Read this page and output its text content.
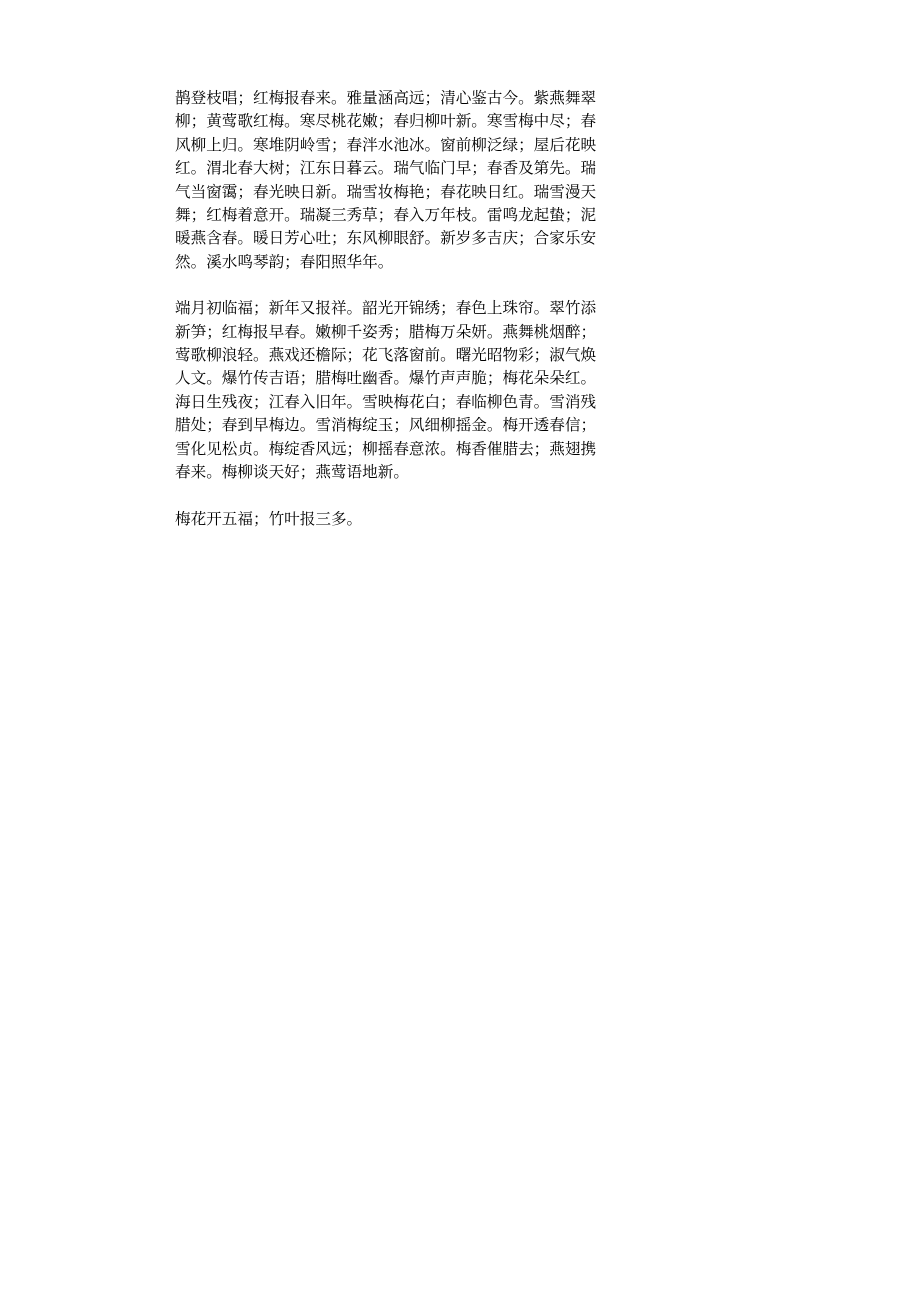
鹊登枝唱；红梅报春来。雅量涵高远；清心鉴古今。紫燕舞翠柳；黄莺歌红梅。寒尽桃花嫩；春归柳叶新。寒雪梅中尽；春风柳上归。寒堆阴岭雪；春泮水池冰。窗前柳泛绿；屋后花映红。渭北春大树；江东日暮云。瑞气临门早；春香及第先。瑞气当窗霭；春光映日新。瑞雪妆梅艳；春花映日红。瑞雪漫天舞；红梅着意开。瑞凝三秀草；春入万年枝。雷鸣龙起蛰；泥暖燕含春。暖日芳心吐；东风柳眼舒。新岁多吉庆；合家乐安然。溪水鸣琴韵；春阳照华年。

端月初临福；新年又报祥。韶光开锦绣；春色上珠帘。翠竹添新笋；红梅报早春。嫩柳千姿秀；腊梅万朵妍。燕舞桃烟醉；莺歌柳浪轻。燕戏还檐际；花飞落窗前。曙光昭物彩；淑气焕人文。爆竹传吉语；腊梅吐幽香。爆竹声声脆；梅花朵朵红。海日生残夜；江春入旧年。雪映梅花白；春临柳色青。雪消残腊处；春到早梅边。雪消梅绽玉；风细柳摇金。梅开透春信；雪化见松贞。梅绽香风远；柳摇春意浓。梅香催腊去；燕翅携春来。梅柳谈天好；燕莺语地新。

梅花开五福；竹叶报三多。
